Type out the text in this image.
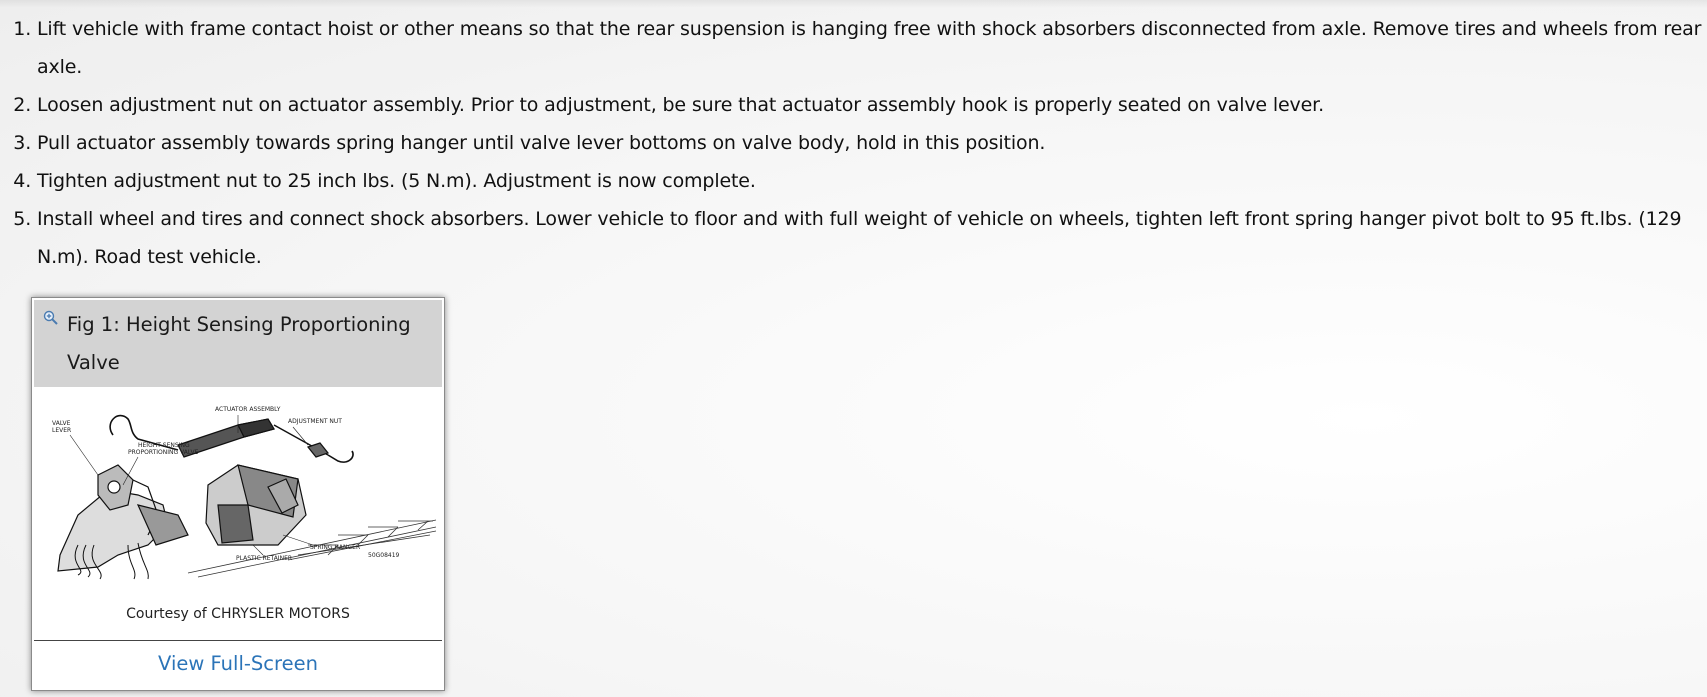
1. Lift vehicle with frame contact hoist or other means so that the rear suspension is hanging free with shock absorbers disconnected from axle. Remove tires and wheels from rear axle.
2. Loosen adjustment nut on actuator assembly. Prior to adjustment, be sure that actuator assembly hook is properly seated on valve lever.
3. Pull actuator assembly towards spring hanger until valve lever bottoms on valve body, hold in this position.
4. Tighten adjustment nut to 25 inch lbs. (5 N.m). Adjustment is now complete.
5. Install wheel and tires and connect shock absorbers. Lower vehicle to floor and with full weight of vehicle on wheels, tighten left front spring hanger pivot bolt to 95 ft.lbs. (129 N.m). Road test vehicle.
Fig 1: Height Sensing Proportioning Valve
ACTUATOR ASSEMBLY
ADJUSTMENT NUT
VALVE
LEVER
HEIGHT SENSING
PROPORTIONING VALVE
SPRING HANGER
PLASTIC RETAINER	50G08419
Courtesy of CHRYSLER MOTORS
View Full-Screen
